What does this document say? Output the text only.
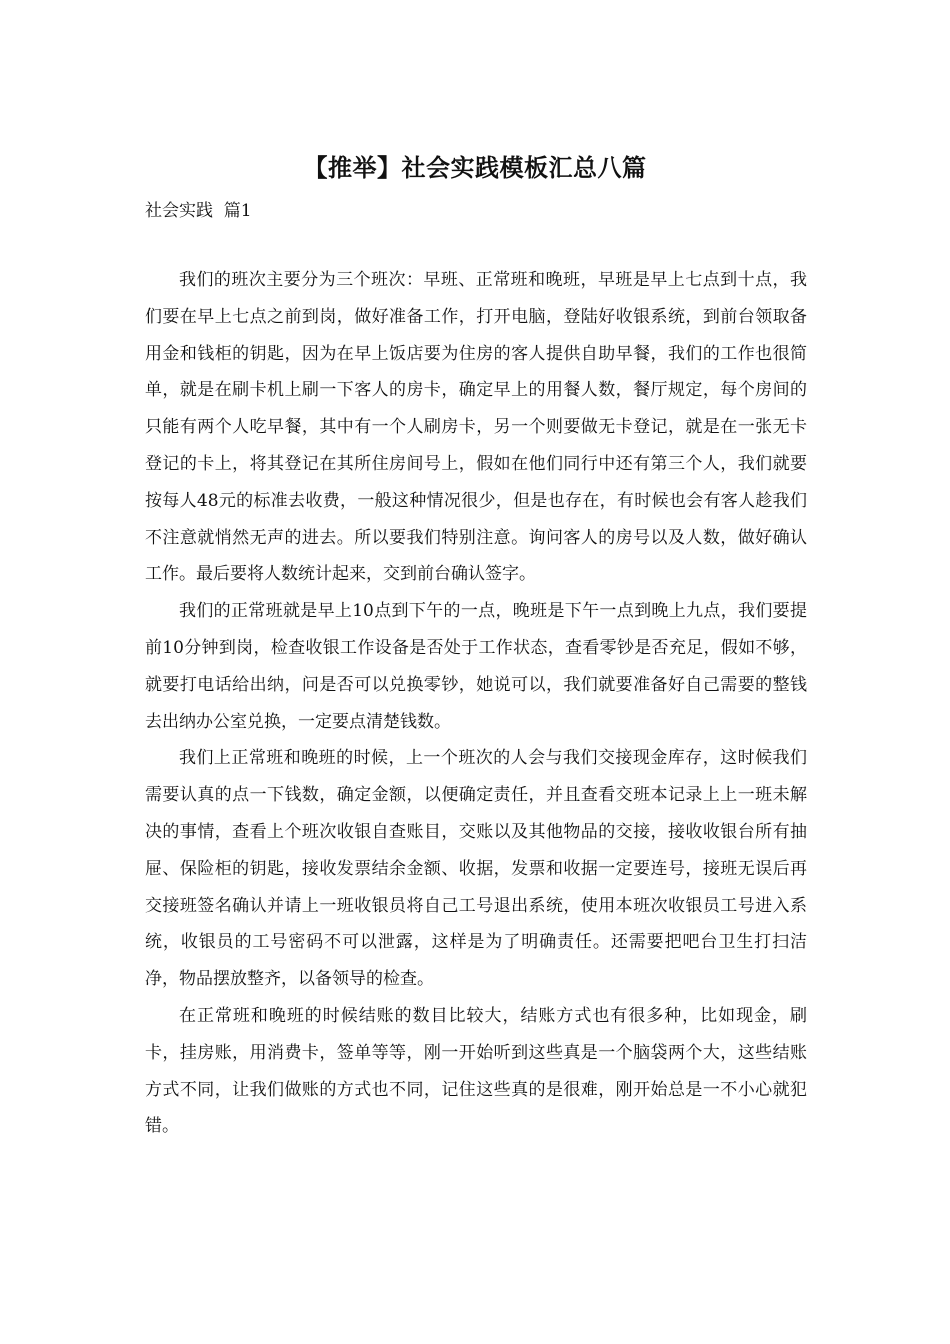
【推举】社会实践模板汇总八篇
社会实践  篇1

我们的班次主要分为三个班次：早班、正常班和晚班，早班是早上七点到十点，我们要在早上七点之前到岗，做好准备工作，打开电脑，登陆好收银系统，到前台领取备用金和钱柜的钥匙，因为在早上饭店要为住房的客人提供自助早餐，我们的工作也很简单，就是在刷卡机上刷一下客人的房卡，确定早上的用餐人数，餐厅规定，每个房间的只能有两个人吃早餐，其中有一个人刷房卡，另一个则要做无卡登记，就是在一张无卡登记的卡上，将其登记在其所住房间号上，假如在他们同行中还有第三个人，我们就要按每人48元的标准去收费，一般这种情况很少，但是也存在，有时候也会有客人趁我们不注意就悄然无声的进去。所以要我们特别注意。询问客人的房号以及人数，做好确认工作。最后要将人数统计起来，交到前台确认签字。

我们的正常班就是早上10点到下午的一点，晚班是下午一点到晚上九点，我们要提前10分钟到岗，检查收银工作设备是否处于工作状态，查看零钞是否充足，假如不够，就要打电话给出纳，问是否可以兑换零钞，她说可以，我们就要准备好自己需要的整钱去出纳办公室兑换，一定要点清楚钱数。

我们上正常班和晚班的时候，上一个班次的人会与我们交接现金库存，这时候我们需要认真的点一下钱数，确定金额，以便确定责任，并且查看交班本记录上上一班未解决的事情，查看上个班次收银自查账目，交账以及其他物品的交接，接收收银台所有抽屉、保险柜的钥匙，接收发票结余金额、收据，发票和收据一定要连号，接班无误后再交接班签名确认并请上一班收银员将自己工号退出系统，使用本班次收银员工号进入系统，收银员的工号密码不可以泄露，这样是为了明确责任。还需要把吧台卫生打扫洁净，物品摆放整齐，以备领导的检查。

在正常班和晚班的时候结账的数目比较大，结账方式也有很多种，比如现金，刷卡，挂房账，用消费卡，签单等等，刚一开始听到这些真是一个脑袋两个大，这些结账方式不同，让我们做账的方式也不同，记住这些真的是很难，刚开始总是一不小心就犯错。
